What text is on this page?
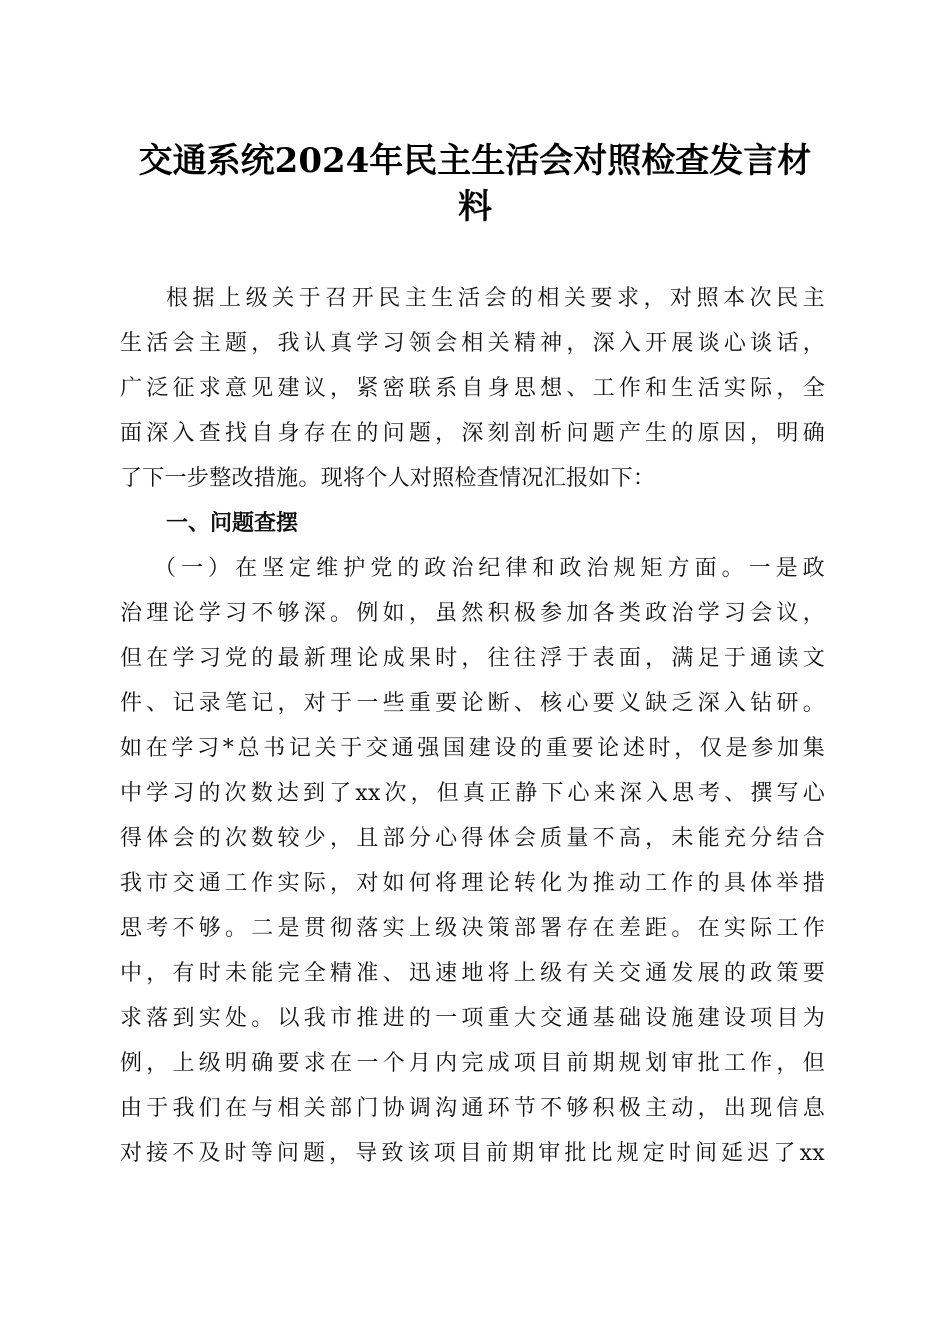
交通系统2024年民主生活会对照检查发言材
料
根据上级关于召开民主生活会的相关要求，对照本次民主
生活会主题，我认真学习领会相关精神，深入开展谈心谈话，
广泛征求意见建议，紧密联系自身思想、工作和生活实际，全
面深入查找自身存在的问题，深刻剖析问题产生的原因，明确
了下一步整改措施。现将个人对照检查情况汇报如下：
一、问题查摆
（一）在坚定维护党的政治纪律和政治规矩方面。一是政
治理论学习不够深。例如，虽然积极参加各类政治学习会议，
但在学习党的最新理论成果时，往往浮于表面，满足于通读文
件、记录笔记，对于一些重要论断、核心要义缺乏深入钻研。
如在学习*总书记关于交通强国建设的重要论述时，仅是参加集
中学习的次数达到了xx次，但真正静下心来深入思考、撰写心
得体会的次数较少，且部分心得体会质量不高，未能充分结合
我市交通工作实际，对如何将理论转化为推动工作的具体举措
思考不够。二是贯彻落实上级决策部署存在差距。在实际工作
中，有时未能完全精准、迅速地将上级有关交通发展的政策要
求落到实处。以我市推进的一项重大交通基础设施建设项目为
例，上级明确要求在一个月内完成项目前期规划审批工作，但
由于我们在与相关部门协调沟通环节不够积极主动，出现信息
对接不及时等问题，导致该项目前期审批比规定时间延迟了xx
